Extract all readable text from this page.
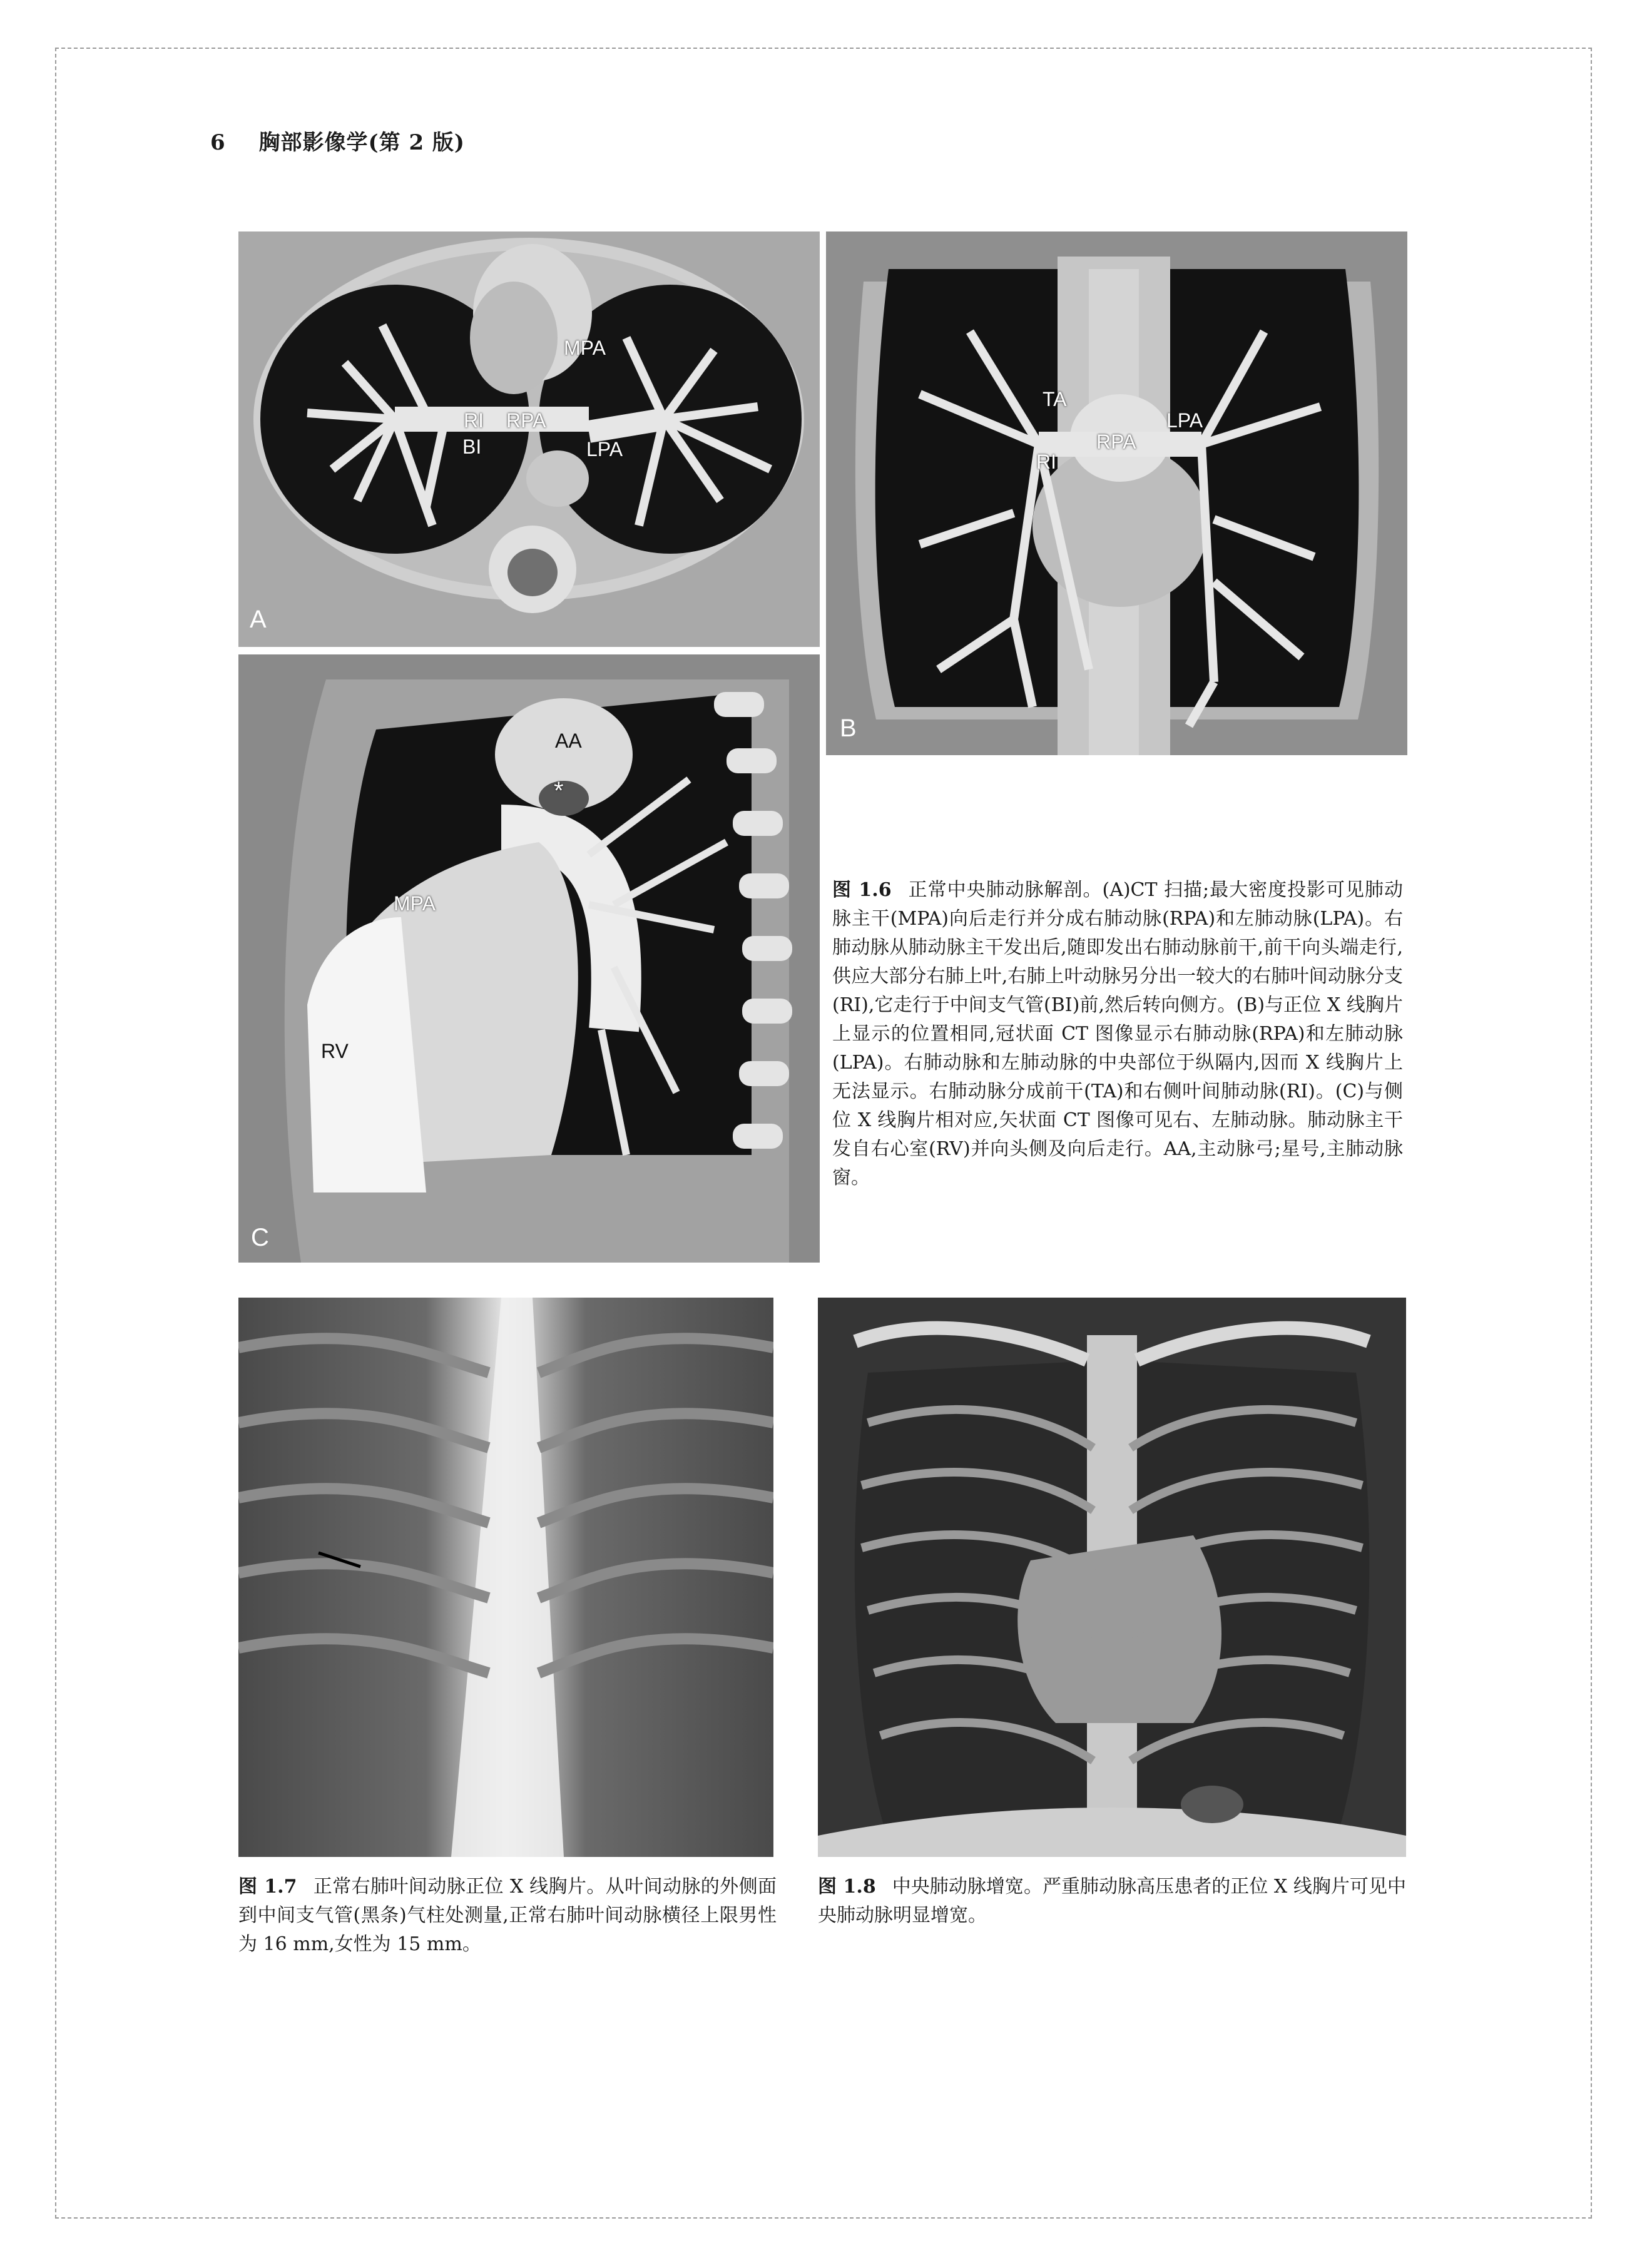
6 胸部影像学(第 2 版)
MPA
RI RPA
BI	LPA
A
TA
RPA
LPA
RI
B
AA
*
MPA
RV
C
图 1.6 正常中央肺动脉解剖。(A)CT 扫描;最大密度投影可见肺动脉主干(MPA)向后走行并分成右肺动脉(RPA)和左肺动脉(LPA)。右肺动脉从肺动脉主干发出后,随即发出右肺动脉前干,前干向头端走行,供应大部分右肺上叶,右肺上叶动脉另分出一较大的右肺叶间动脉分支(RI),它走行于中间支气管(BI)前,然后转向侧方。(B)与正位 X 线胸片上显示的位置相同,冠状面 CT 图像显示右肺动脉(RPA)和左肺动脉(LPA)。右肺动脉和左肺动脉的中央部位于纵隔内,因而 X 线胸片上无法显示。右肺动脉分成前干(TA)和右侧叶间肺动脉(RI)。(C)与侧位 X 线胸片相对应,矢状面 CT 图像可见右、左肺动脉。肺动脉主干发自右心室(RV)并向头侧及向后走行。AA,主动脉弓;星号,主肺动脉窗。
图 1.7 正常右肺叶间动脉正位 X 线胸片。从叶间动脉的外侧面到中间支气管(黑条)气柱处测量,正常右肺叶间动脉横径上限男性为 16 mm,女性为 15 mm。
图 1.8 中央肺动脉增宽。严重肺动脉高压患者的正位 X 线胸片可见中央肺动脉明显增宽。
